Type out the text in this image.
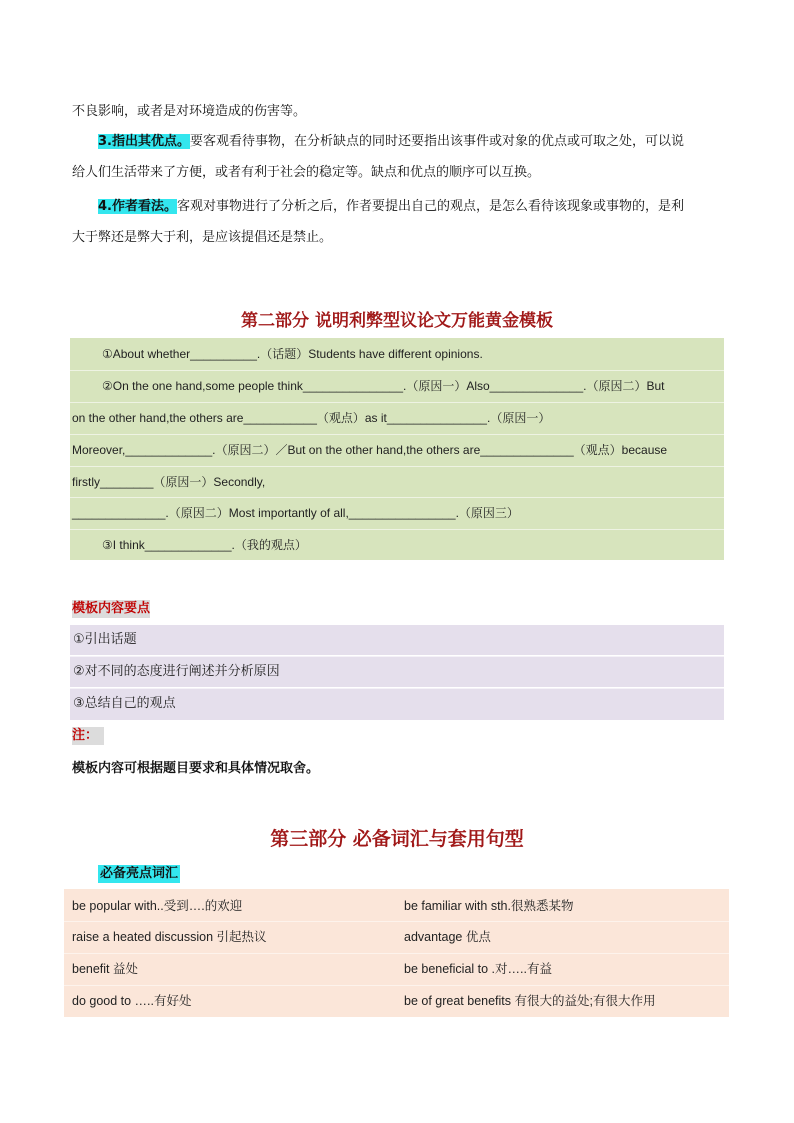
不良影响，或者是对环境造成的伤害等。
3.指出其优点。要客观看待事物，在分析缺点的同时还要指出该事件或对象的优点或可取之处，可以说
给人们生活带来了方便，或者有利于社会的稳定等。缺点和优点的顺序可以互换。
4.作者看法。客观对事物进行了分析之后，作者要提出自己的观点，是怎么看待该现象或事物的，是利
大于弊还是弊大于利，是应该提倡还是禁止。
第二部分 说明利弊型议论文万能黄金模板
①About whether__________.（话题）Students have different opinions.
②On the one hand,some people think_______________.（原因一）Also______________.（原因二）But
on the other hand,the others are___________（观点）as it_______________.（原因一）
Moreover,_____________.（原因二）／But on the other hand,the others are______________（观点）because
firstly________（原因一）Secondly,
______________.（原因二）Most importantly of all,________________.（原因三）
③I think_____________.（我的观点）
模板内容要点
①引出话题
②对不同的态度进行阐述并分析原因
③总结自己的观点
注：
模板内容可根据题目要求和具体情况取舍。
第三部分 必备词汇与套用句型
必备亮点词汇
be popular with..受到….的欢迎	be familiar with sth.很熟悉某物
raise a heated discussion 引起热议	advantage 优点
benefit 益处	be beneficial to .对…..有益
do good to …..有好处	be of great benefits 有很大的益处;有很大作用
